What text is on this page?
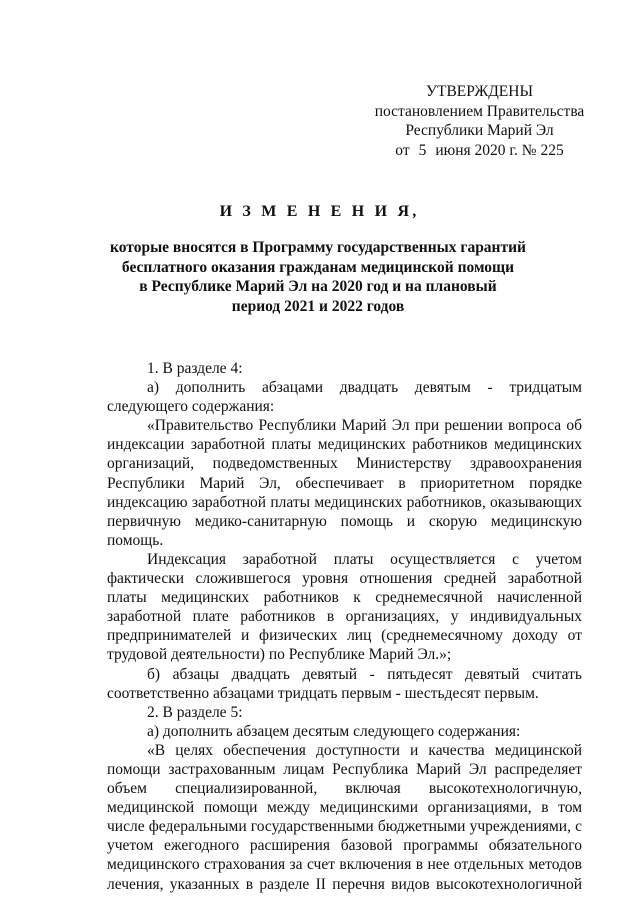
УТВЕРЖДЕНЫ
постановлением Правительства
Республики Марий Эл
от 5 июня 2020 г. № 225
И З М Е Н Е Н И Я,
которые вносятся в Программу государственных гарантий
бесплатного оказания гражданам медицинской помощи
в Республике Марий Эл на 2020 год и на плановый
период 2021 и 2022 годов

1. В разделе 4:

а) дополнить абзацами двадцать девятым - тридцатым следующего содержания:

«Правительство Республики Марий Эл при решении вопроса об индексации заработной платы медицинских работников медицинских организаций, подведомственных Министерству здравоохранения Республики Марий Эл, обеспечивает в приоритетном порядке индексацию заработной платы медицинских работников, оказывающих первичную медико-санитарную помощь и скорую медицинскую помощь.

Индексация заработной платы осуществляется с учетом фактически сложившегося уровня отношения средней заработной платы медицинских работников к среднемесячной начисленной заработной плате работников в организациях, у индивидуальных предпринимателей и физических лиц (среднемесячному доходу от трудовой деятельности) по Республике Марий Эл.»;

б) абзацы двадцать девятый - пятьдесят девятый считать соответственно абзацами тридцать первым - шестьдесят первым.

2. В разделе 5:

а) дополнить абзацем десятым следующего содержания:

«В целях обеспечения доступности и качества медицинской помощи застрахованным лицам Республика Марий Эл распределяет объем специализированной, включая высокотехнологичную, медицинской помощи между медицинскими организациями, в том числе федеральными государственными бюджетными учреждениями, с учетом ежегодного расширения базовой программы обязательного медицинского страхования за счет включения в нее отдельных методов лечения, указанных в разделе II перечня видов высокотехнологичной
